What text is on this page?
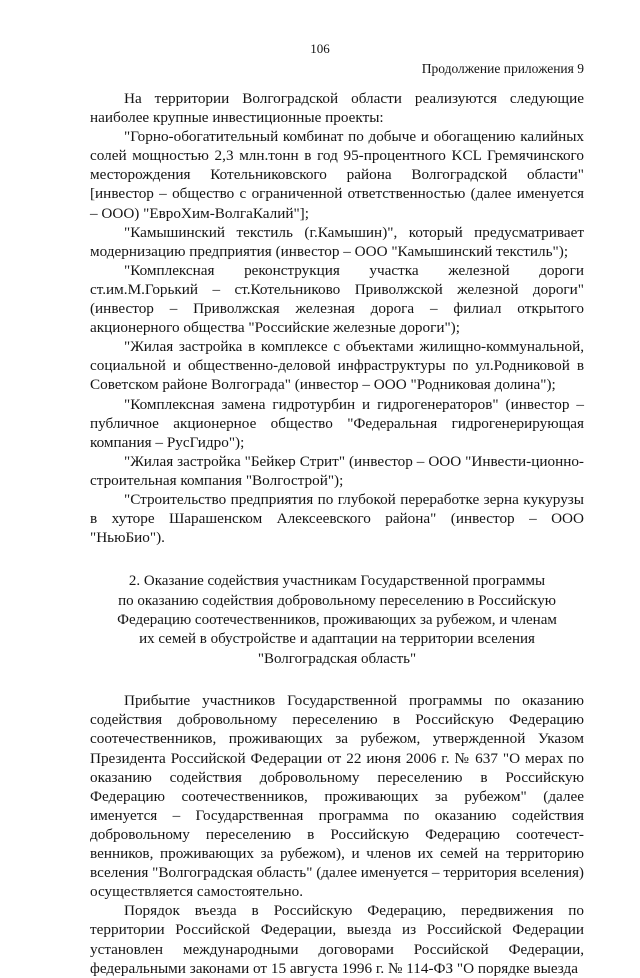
106
Продолжение приложения 9

На территории Волгоградской области реализуются следующие наиболее крупные инвестиционные проекты:

"Горно-обогатительный комбинат по добыче и обогащению калийных солей мощностью 2,3 млн.тонн в год 95-процентного KCL Гремячинского месторождения Котельниковского района Волгоградской области" [инвестор – общество с ограниченной ответственностью (далее именуется – ООО) "ЕвроХим-ВолгаКалий"];

"Камышинский текстиль (г.Камышин)", который предусматривает модернизацию предприятия (инвестор – ООО "Камышинский текстиль");

"Комплексная реконструкция участка железной дороги ст.им.М.Горький – ст.Котельниково Приволжской железной дороги" (инвестор – Приволжская железная дорога – филиал открытого акционерного общества "Российские железные дороги");

"Жилая застройка в комплексе с объектами жилищно-коммунальной, социальной и общественно-деловой инфраструктуры по ул.Родниковой в Советском районе Волгограда" (инвестор – ООО "Родниковая долина");

"Комплексная замена гидротурбин и гидрогенераторов" (инвестор – публичное акционерное общество "Федеральная гидрогенерирующая компания – РусГидро");

"Жилая застройка "Бейкер Стрит" (инвестор – ООО "Инвести-ционно-строительная компания "Волгострой");

"Строительство предприятия по глубокой переработке зерна кукурузы в хуторе Шарашенском Алексеевского района" (инвестор – ООО "НьюБио").

2. Оказание содействия участникам Государственной программы
по оказанию содействия добровольному переселению в Российскую
Федерацию соотечественников, проживающих за рубежом, и членам
их семей в обустройстве и адаптации на территории вселения
"Волгоградская область"

Прибытие участников Государственной программы по оказанию содействия добровольному переселению в Российскую Федерацию соотечественников, проживающих за рубежом, утвержденной Указом Президента Российской Федерации от 22 июня 2006 г. № 637 "О мерах по оказанию содействия добровольному переселению в Российскую Федерацию соотечественников, проживающих за рубежом" (далее именуется – Государственная программа по оказанию содействия добровольному переселению в Российскую Федерацию соотечест-венников, проживающих за рубежом), и членов их семей на территорию вселения "Волгоградская область" (далее именуется – территория вселения) осуществляется самостоятельно.

Порядок въезда в Российскую Федерацию, передвижения по территории Российской Федерации, выезда из Российской Федерации установлен международными договорами Российской Федерации, федеральными законами от 15 августа 1996 г. № 114-ФЗ "О порядке выезда
